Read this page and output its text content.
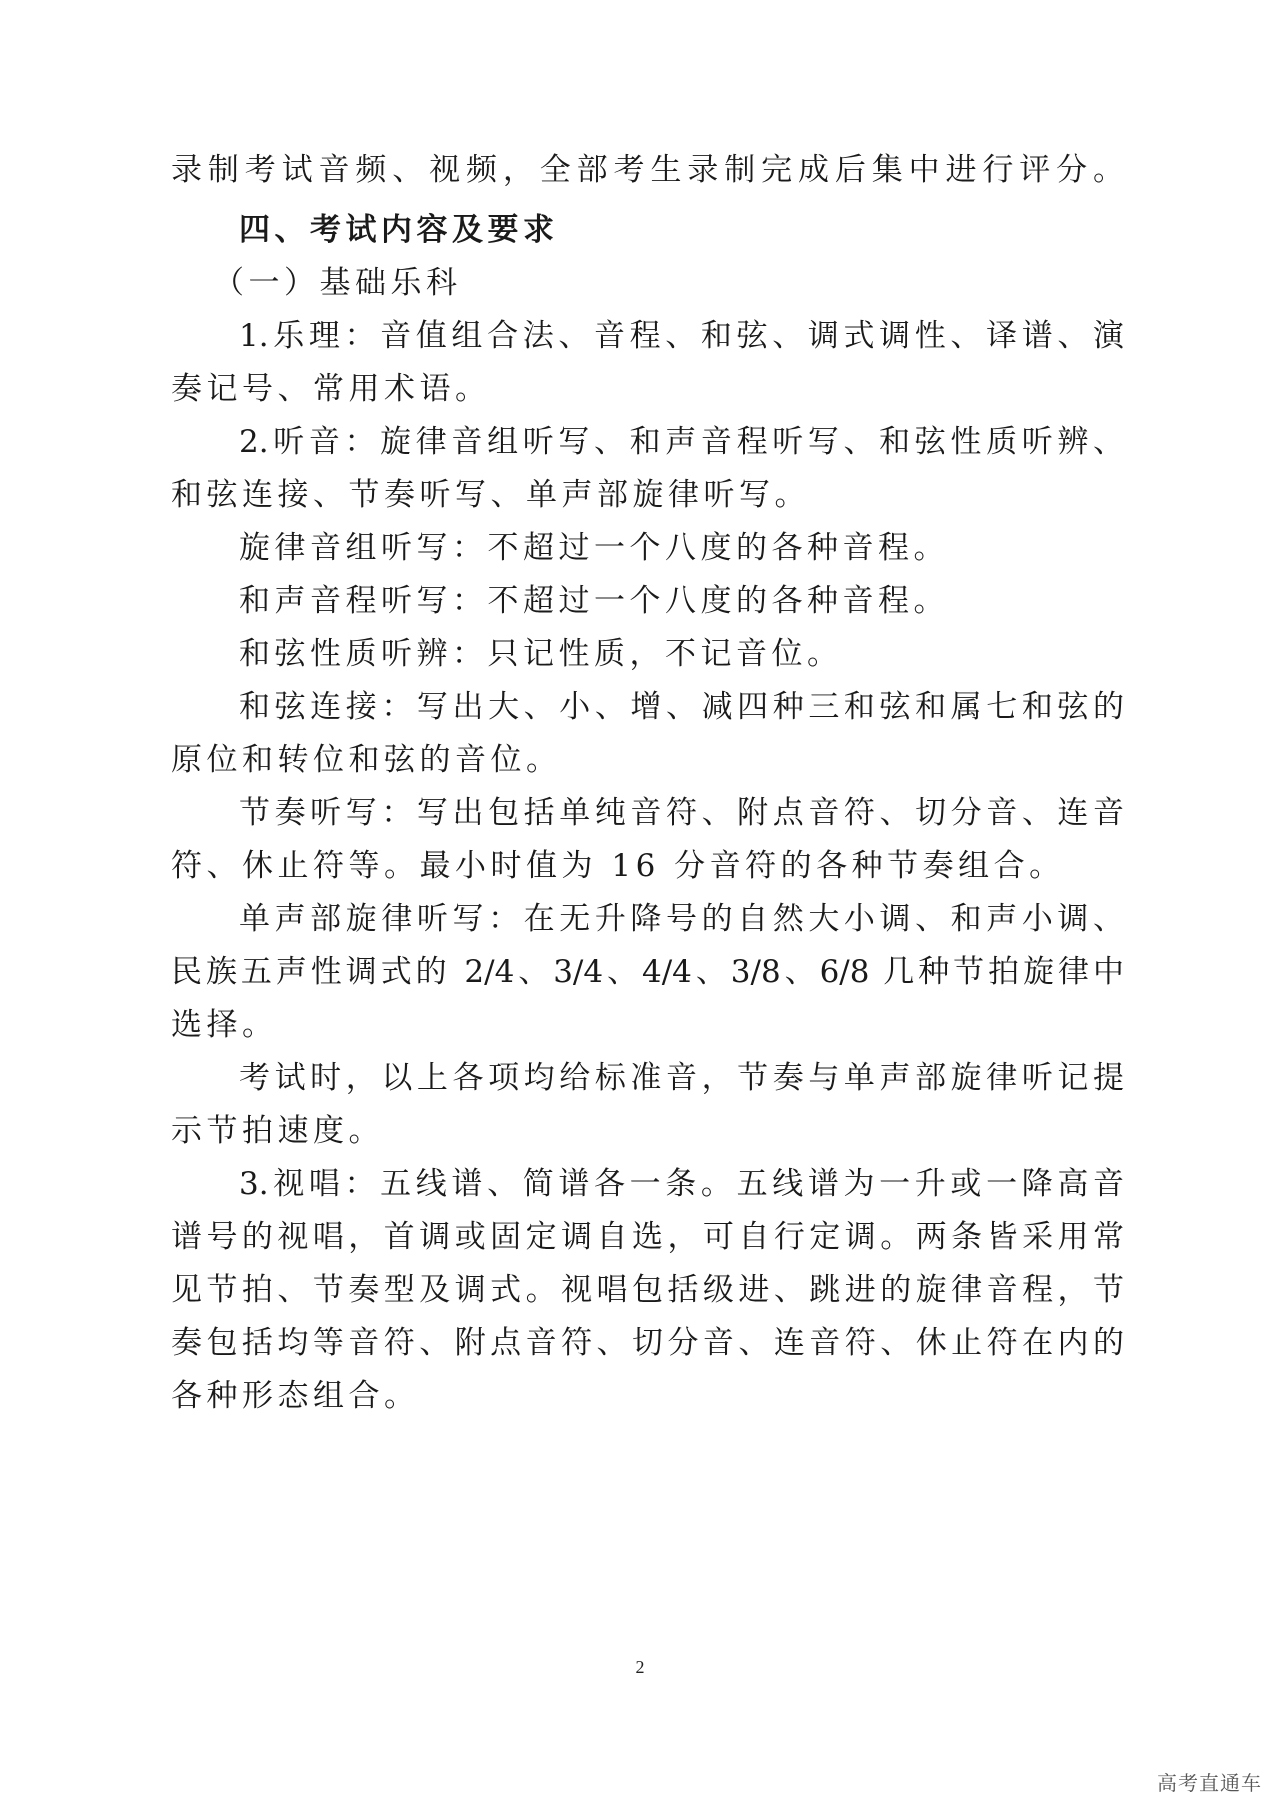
录制考试音频、视频，全部考生录制完成后集中进行评分。
四、考试内容及要求
（一）基础乐科
1.乐理：音值组合法、音程、和弦、调式调性、译谱、演
奏记号、常用术语。
2.听音：旋律音组听写、和声音程听写、和弦性质听辨、
和弦连接、节奏听写、单声部旋律听写。
旋律音组听写：不超过一个八度的各种音程。
和声音程听写：不超过一个八度的各种音程。
和弦性质听辨：只记性质，不记音位。
和弦连接：写出大、小、增、减四种三和弦和属七和弦的
原位和转位和弦的音位。
节奏听写：写出包括单纯音符、附点音符、切分音、连音
符、休止符等。最小时值为 16 分音符的各种节奏组合。
单声部旋律听写：在无升降号的自然大小调、和声小调、
民族五声性调式的 2/4、3/4、4/4、3/8、6/8 几种节拍旋律中
选择。
考试时，以上各项均给标准音，节奏与单声部旋律听记提
示节拍速度。
3.视唱：五线谱、简谱各一条。五线谱为一升或一降高音
谱号的视唱，首调或固定调自选，可自行定调。两条皆采用常
见节拍、节奏型及调式。视唱包括级进、跳进的旋律音程，节
奏包括均等音符、附点音符、切分音、连音符、休止符在内的
各种形态组合。
2
高考直通车
